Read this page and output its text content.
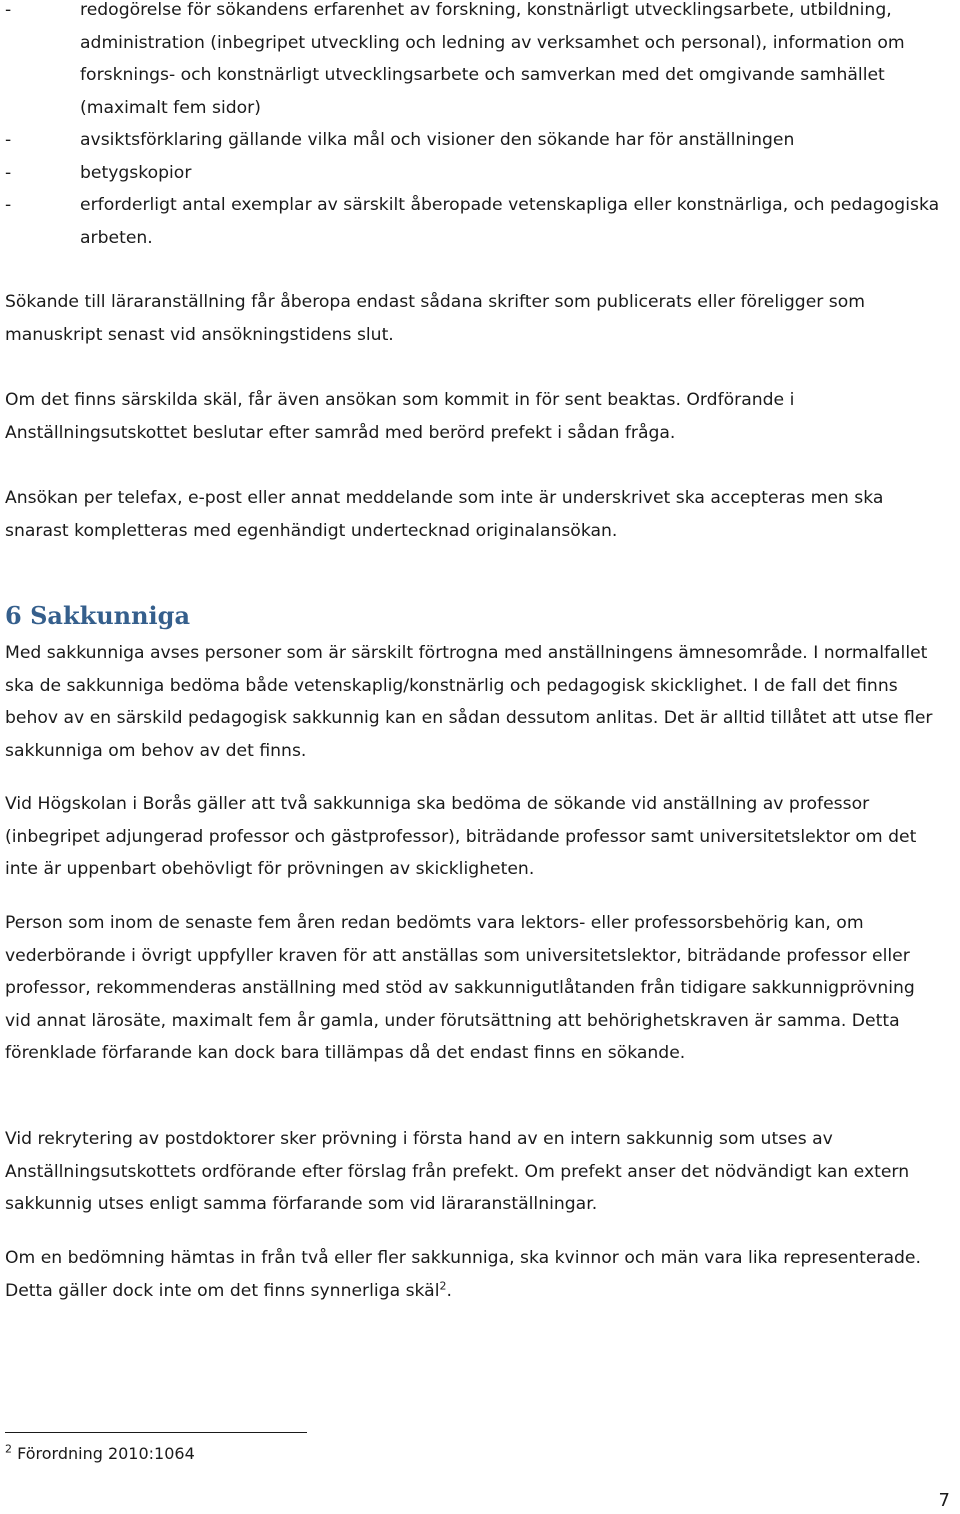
-	redogörelse för sökandens erfarenhet av forskning, konstnärligt utvecklingsarbete, utbildning, administration (inbegripet utveckling och ledning av verksamhet och personal), information om forsknings- och konstnärligt utvecklingsarbete och samverkan med det omgivande samhället (maximalt fem sidor)
-	avsiktsförklaring gällande vilka mål och visioner den sökande har för anställningen
-	betygskopior
-	erforderligt antal exemplar av särskilt åberopade vetenskapliga eller konstnärliga, och pedagogiska arbeten.

Sökande till läraranställning får åberopa endast sådana skrifter som publicerats eller föreligger som manuskript senast vid ansökningstidens slut.

Om det finns särskilda skäl, får även ansökan som kommit in för sent beaktas. Ordförande i Anställningsutskottet beslutar efter samråd med berörd prefekt i sådan fråga.

Ansökan per telefax, e-post eller annat meddelande som inte är underskrivet ska accepteras men ska snarast kompletteras med egenhändigt undertecknad originalansökan.

6 Sakkunniga

Med sakkunniga avses personer som är särskilt förtrogna med anställningens ämnesområde. I normalfallet ska de sakkunniga bedöma både vetenskaplig/konstnärlig och pedagogisk skicklighet. I de fall det finns behov av en särskild pedagogisk sakkunnig kan en sådan dessutom anlitas. Det är alltid tillåtet att utse fler sakkunniga om behov av det finns.

Vid Högskolan i Borås gäller att två sakkunniga ska bedöma de sökande vid anställning av professor (inbegripet adjungerad professor och gästprofessor), biträdande professor samt universitetslektor om det inte är uppenbart obehövligt för prövningen av skickligheten.

Person som inom de senaste fem åren redan bedömts vara lektors- eller professorsbehörig kan, om vederbörande i övrigt uppfyller kraven för att anställas som universitetslektor, biträdande professor eller professor, rekommenderas anställning med stöd av sakkunnigutlåtanden från tidigare sakkunnigprövning vid annat lärosäte, maximalt fem år gamla, under förutsättning att behörighetskraven är samma. Detta förenklade förfarande kan dock bara tillämpas då det endast finns en sökande.

Vid rekrytering av postdoktorer sker prövning i första hand av en intern sakkunnig som utses av Anställningsutskottets ordförande efter förslag från prefekt. Om prefekt anser det nödvändigt kan extern sakkunnig utses enligt samma förfarande som vid läraranställningar.

Om en bedömning hämtas in från två eller fler sakkunniga, ska kvinnor och män vara lika representerade. Detta gäller dock inte om det finns synnerliga skäl$^2$.

$^2$ Förordning 2010:1064

7
